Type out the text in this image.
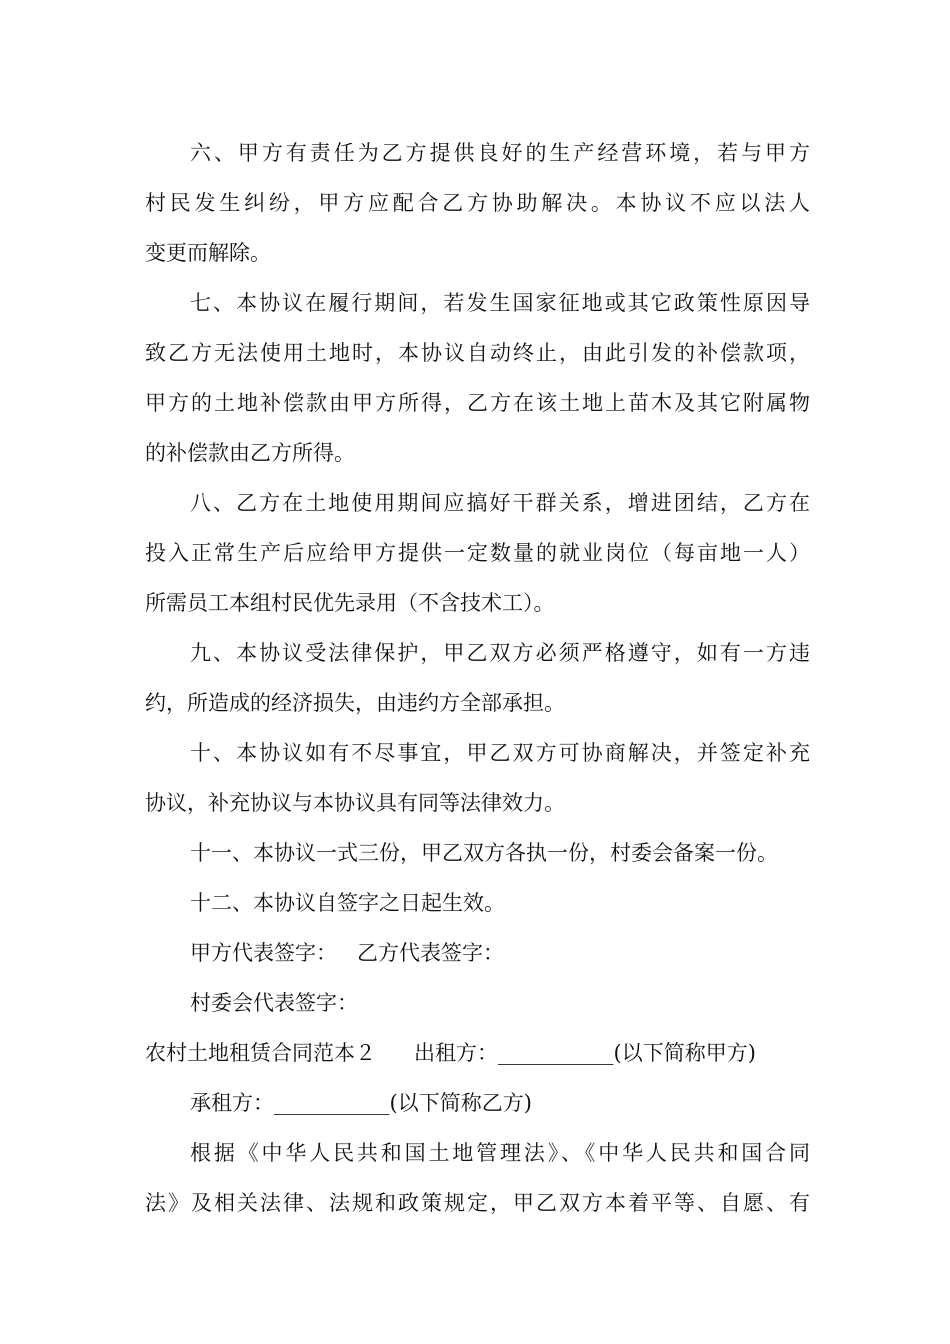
六、甲方有责任为乙方提供良好的生产经营环境，若与甲方
村民发生纠纷，甲方应配合乙方协助解决。本协议不应以法人
变更而解除。
七、本协议在履行期间，若发生国家征地或其它政策性原因导
致乙方无法使用土地时，本协议自动终止，由此引发的补偿款项，
甲方的土地补偿款由甲方所得，乙方在该土地上苗木及其它附属物
的补偿款由乙方所得。
八、乙方在土地使用期间应搞好干群关系，增进团结，乙方在
投入正常生产后应给甲方提供一定数量的就业岗位（每亩地一人）
所需员工本组村民优先录用（不含技术工）。
九、本协议受法律保护，甲乙双方必须严格遵守，如有一方违
约，所造成的经济损失，由违约方全部承担。
十、本协议如有不尽事宜，甲乙双方可协商解决，并签定补充
协议，补充协议与本协议具有同等法律效力。
十一、本协议一式三份，甲乙双方各执一份，村委会备案一份。
十二、本协议自签字之日起生效。
甲方代表签字： 乙方代表签字：
村委会代表签字：
农村土地租赁合同范本２ 出租方：___________(以下简称甲方)
承租方：___________(以下简称乙方)
根据《中华人民共和国土地管理法》、《中华人民共和国合同
法》及相关法律、法规和政策规定，甲乙双方本着平等、自愿、有
